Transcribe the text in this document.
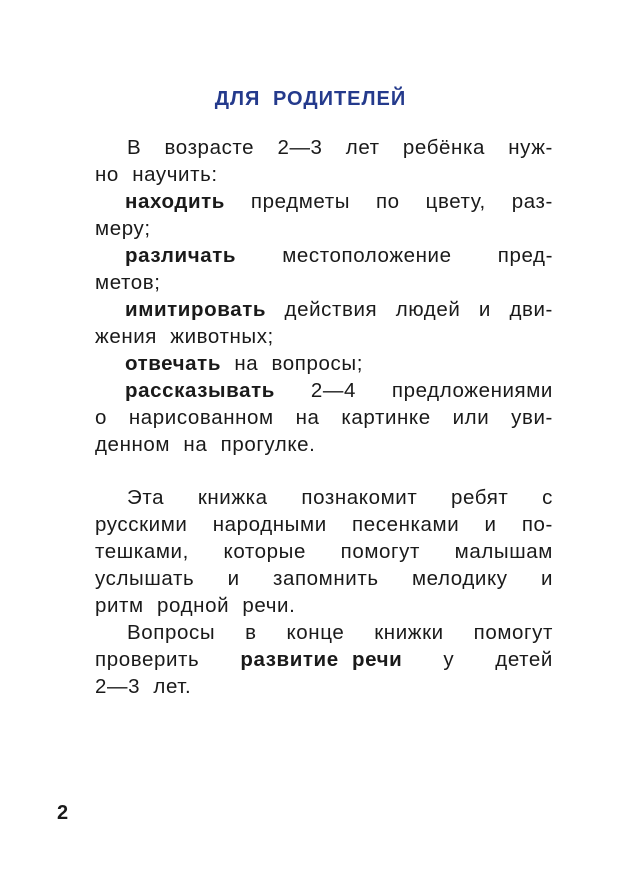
ДЛЯ РОДИТЕЛЕЙ
В возрасте 2—3 лет ребёнка нуж-
но научить:
находить предметы по цвету, раз-
меру;
различать местоположение пред-
метов;
имитировать действия людей и дви-
жения животных;
отвечать на вопросы;
рассказывать 2—4 предложениями
о нарисованном на картинке или уви-
денном на прогулке.
Эта книжка познакомит ребят с
русскими народными песенками и по-
тешками, которые помогут малышам
услышать и запомнить мелодику и
ритм родной речи.
Вопросы в конце книжки помогут
проверить развитие речи у детей
2—3 лет.
2
